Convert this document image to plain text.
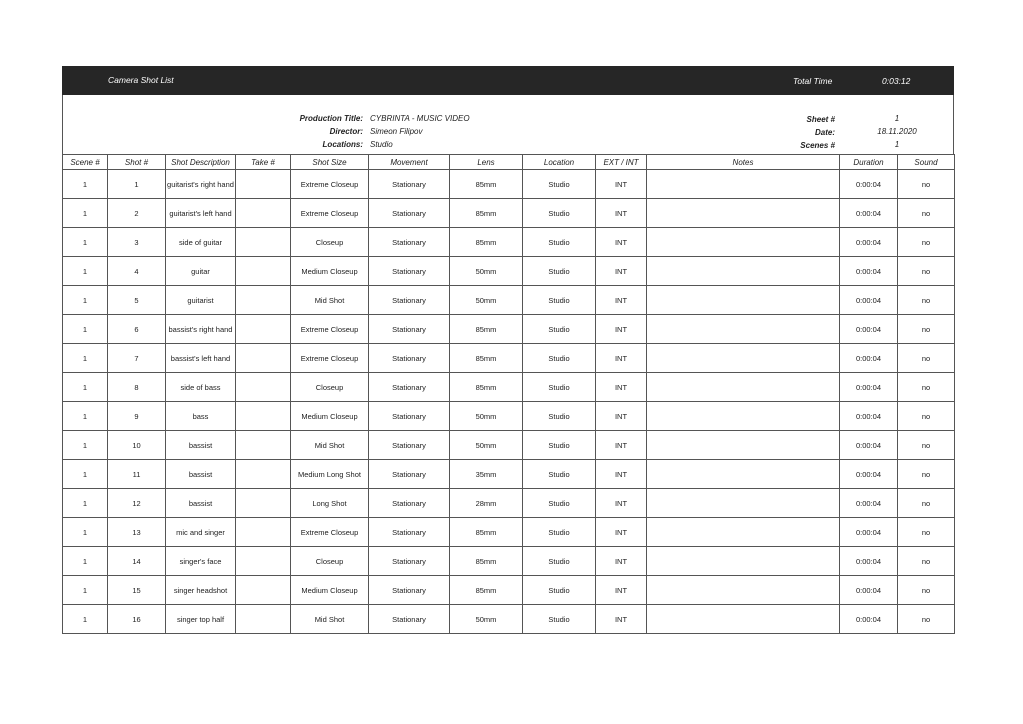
Camera Shot List	Total Time	0:03:12
Production Title: CYBRINTA - MUSIC VIDEO
Director: Simeon Filipov
Locations: Studio
Sheet #	1
Date:	18.11.2020
Scenes #	1
Scene #	Shot #	Shot Description	Take #	Shot Size	Movement	Lens	Location	EXT / INT	Notes	Duration	Sound
1	1	guitarist's right hand		Extreme Closeup	Stationary	85mm	Studio	INT		0:00:04	no
1	2	guitarist's left hand		Extreme Closeup	Stationary	85mm	Studio	INT		0:00:04	no
1	3	side of guitar		Closeup	Stationary	85mm	Studio	INT		0:00:04	no
1	4	guitar		Medium Closeup	Stationary	50mm	Studio	INT		0:00:04	no
1	5	guitarist		Mid Shot	Stationary	50mm	Studio	INT		0:00:04	no
1	6	bassist's right hand		Extreme Closeup	Stationary	85mm	Studio	INT		0:00:04	no
1	7	bassist's left hand		Extreme Closeup	Stationary	85mm	Studio	INT		0:00:04	no
1	8	side of bass		Closeup	Stationary	85mm	Studio	INT		0:00:04	no
1	9	bass		Medium Closeup	Stationary	50mm	Studio	INT		0:00:04	no
1	10	bassist		Mid Shot	Stationary	50mm	Studio	INT		0:00:04	no
1	11	bassist		Medium Long Shot	Stationary	35mm	Studio	INT		0:00:04	no
1	12	bassist		Long Shot	Stationary	28mm	Studio	INT		0:00:04	no
1	13	mic and singer		Extreme Closeup	Stationary	85mm	Studio	INT		0:00:04	no
1	14	singer's face		Closeup	Stationary	85mm	Studio	INT		0:00:04	no
1	15	singer headshot		Medium Closeup	Stationary	85mm	Studio	INT		0:00:04	no
1	16	singer top half		Mid Shot	Stationary	50mm	Studio	INT		0:00:04	no
